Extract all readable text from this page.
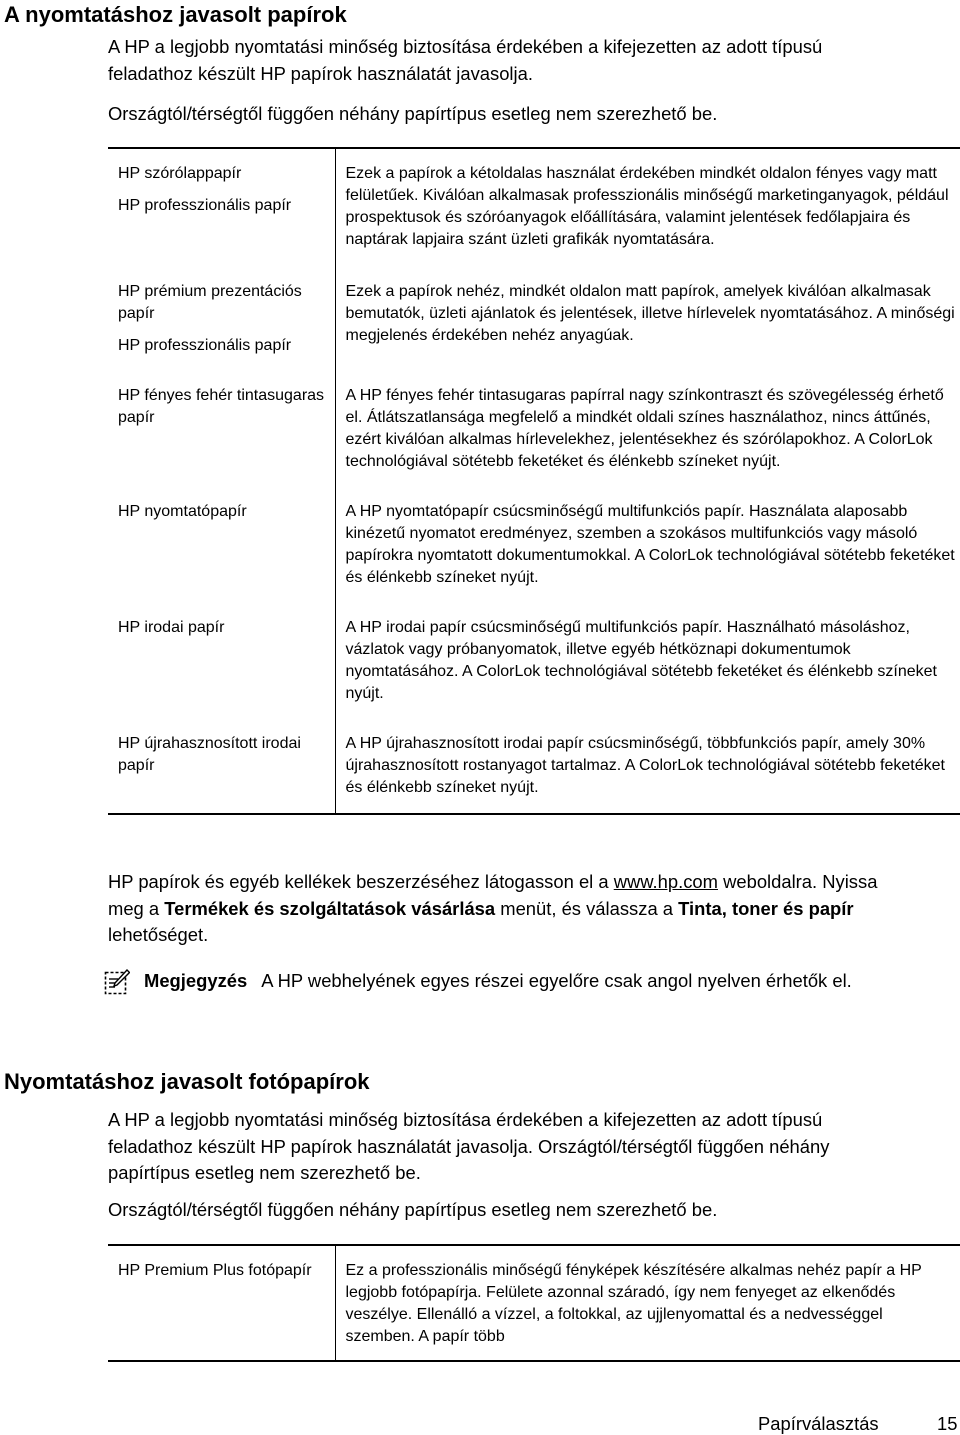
A nyomtatáshoz javasolt papírok

A HP a legjobb nyomtatási minőség biztosítása érdekében a kifejezetten az adott típusú feladathoz készült HP papírok használatát javasolja.

Országtól/térségtől függően néhány papírtípus esetleg nem szerezhető be.

HP szórólappapír
HP professzionális papír	Ezek a papírok a kétoldalas használat érdekében mindkét oldalon fényes vagy matt felületűek. Kiválóan alkalmasak professzionális minőségű marketinganyagok, például prospektusok és szóróanyagok előállítására, valamint jelentések fedőlapjaira és naptárak lapjaira szánt üzleti grafikák nyomtatására.

HP prémium prezentációs papír
HP professzionális papír	Ezek a papírok nehéz, mindkét oldalon matt papírok, amelyek kiválóan alkalmasak bemutatók, üzleti ajánlatok és jelentések, illetve hírlevelek nyomtatásához. A minőségi megjelenés érdekében nehéz anyagúak.

HP fényes fehér tintasugaras papír	A HP fényes fehér tintasugaras papírral nagy színkontraszt és szövegélesség érhető el. Átlátszatlansága megfelelő a mindkét oldali színes használathoz, nincs áttűnés, ezért kiválóan alkalmas hírlevelekhez, jelentésekhez és szórólapokhoz. A ColorLok technológiával sötétebb feketéket és élénkebb színeket nyújt.

HP nyomtatópapír	A HP nyomtatópapír csúcsminőségű multifunkciós papír. Használata alaposabb kinézetű nyomatot eredményez, szemben a szokásos multifunkciós vagy másoló papírokra nyomtatott dokumentumokkal. A ColorLok technológiával sötétebb feketéket és élénkebb színeket nyújt.

HP irodai papír	A HP irodai papír csúcsminőségű multifunkciós papír. Használható másoláshoz, vázlatok vagy próbanyomatok, illetve egyéb hétköznapi dokumentumok nyomtatásához. A ColorLok technológiával sötétebb feketéket és élénkebb színeket nyújt.

HP újrahasznosított irodai papír	A HP újrahasznosított irodai papír csúcsminőségű, többfunkciós papír, amely 30% újrahasznosított rostanyagot tartalmaz. A ColorLok technológiával sötétebb feketéket és élénkebb színeket nyújt.

HP papírok és egyéb kellékek beszerzéséhez látogasson el a www.hp.com weboldalra. Nyissa meg a Termékek és szolgáltatások vásárlása menüt, és válassza a Tinta, toner és papír lehetőséget.

Megjegyzés A HP webhelyének egyes részei egyelőre csak angol nyelven érhetők el.

Nyomtatáshoz javasolt fotópapírok

A HP a legjobb nyomtatási minőség biztosítása érdekében a kifejezetten az adott típusú feladathoz készült HP papírok használatát javasolja. Országtól/térségtől függően néhány papírtípus esetleg nem szerezhető be.

Országtól/térségtől függően néhány papírtípus esetleg nem szerezhető be.

HP Premium Plus fotópapír	Ez a professzionális minőségű fényképek készítésére alkalmas nehéz papír a HP legjobb fotópapírja. Felülete azonnal száradó, így nem fenyeget az elkenődés veszélye. Ellenálló a vízzel, a foltokkal, az ujjlenyomattal és a nedvességgel szemben. A papír több
Papírválasztás	15
